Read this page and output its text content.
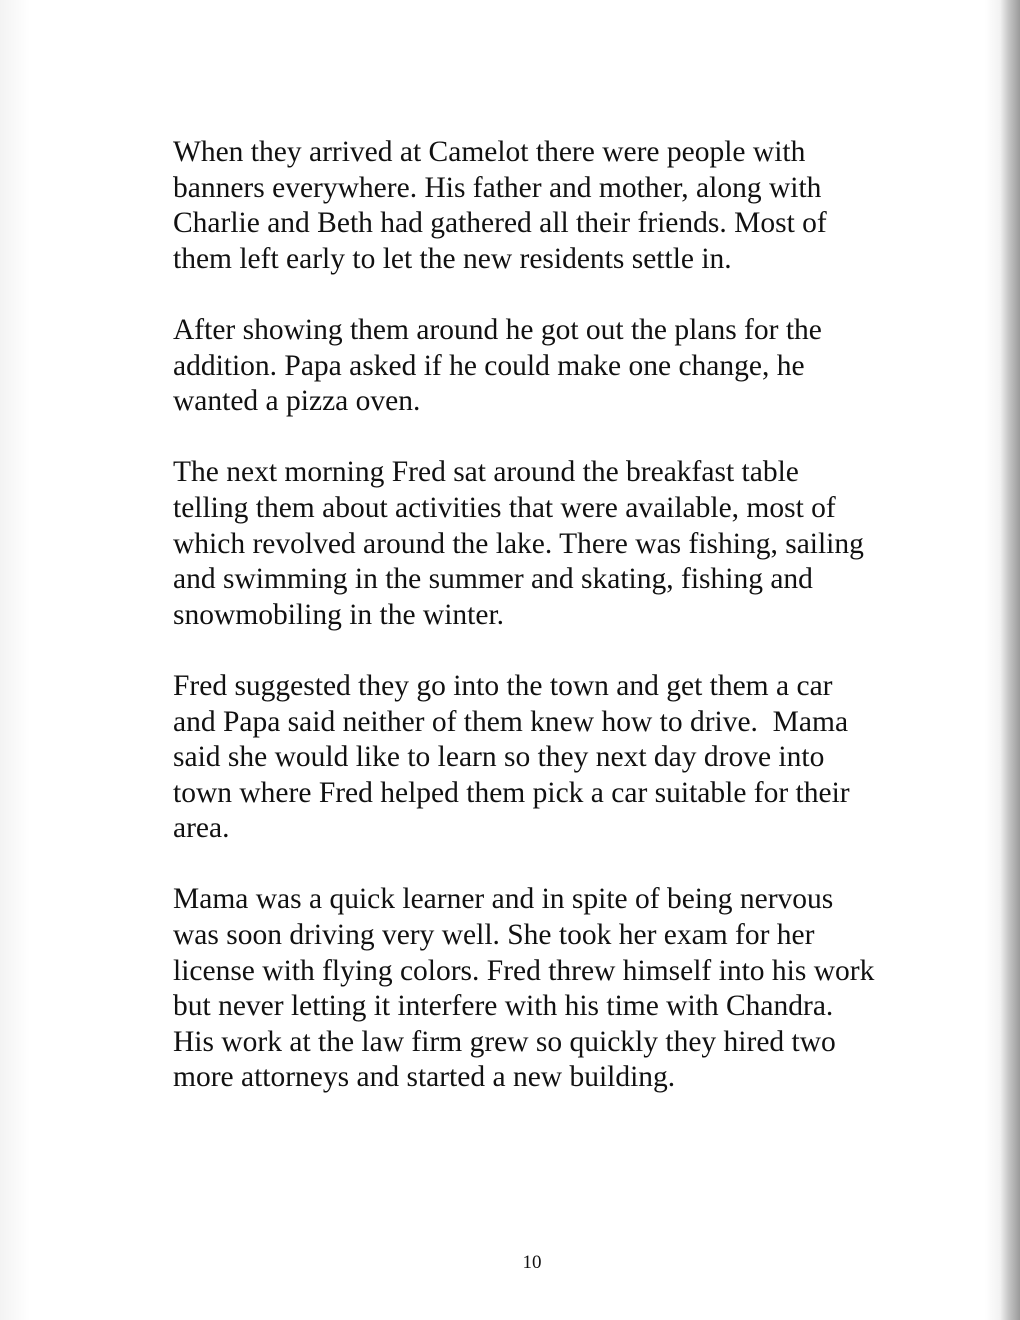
When they arrived at Camelot there were people with
banners everywhere. His father and mother, along with
Charlie and Beth had gathered all their friends. Most of
them left early to let the new residents settle in.

After showing them around he got out the plans for the
addition. Papa asked if he could make one change, he
wanted a pizza oven.

The next morning Fred sat around the breakfast table
telling them about activities that were available, most of
which revolved around the lake. There was fishing, sailing
and swimming in the summer and skating, fishing and
snowmobiling in the winter.

Fred suggested they go into the town and get them a car
and Papa said neither of them knew how to drive.  Mama
said she would like to learn so they next day drove into
town where Fred helped them pick a car suitable for their
area.

Mama was a quick learner and in spite of being nervous
was soon driving very well. She took her exam for her
license with flying colors. Fred threw himself into his work
but never letting it interfere with his time with Chandra.
His work at the law firm grew so quickly they hired two
more attorneys and started a new building.

10
